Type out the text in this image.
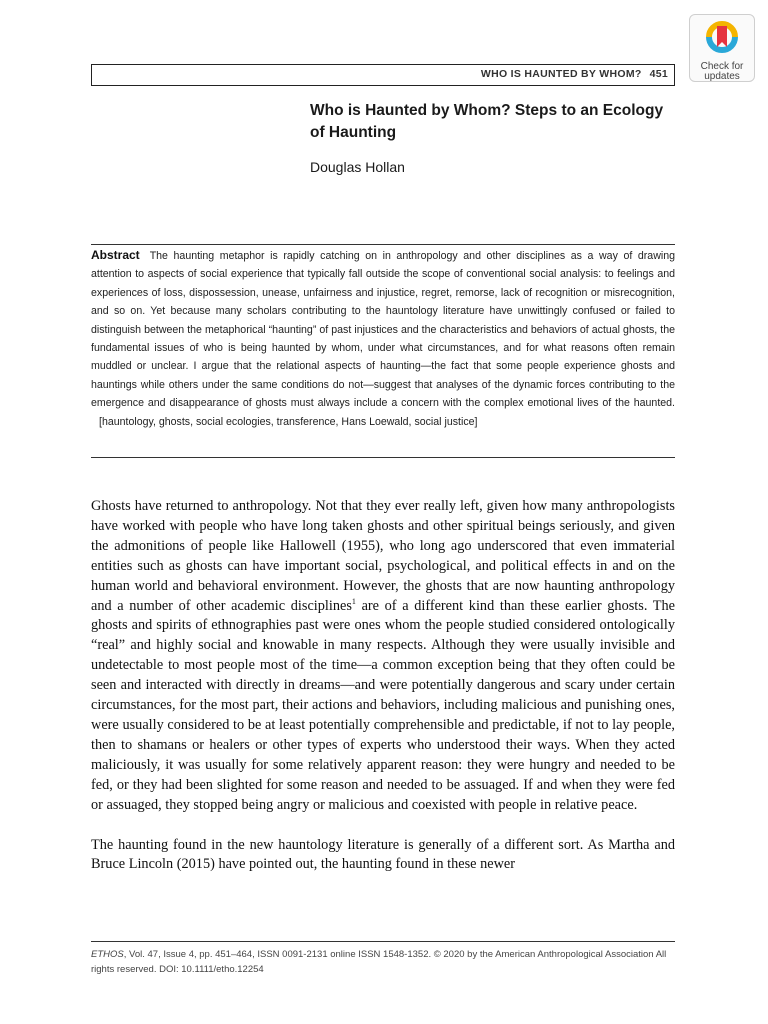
Check for
updates
WHO IS HAUNTED BY WHOM? 451
Who is Haunted by Whom? Steps to an Ecology of Haunting
Douglas Hollan
Abstract The haunting metaphor is rapidly catching on in anthropology and other disciplines as a way of drawing attention to aspects of social experience that typically fall outside the scope of conventional social analysis: to feelings and experiences of loss, dispossession, unease, unfairness and injustice, regret, remorse, lack of recognition or misrecognition, and so on. Yet because many scholars contributing to the hauntology literature have unwittingly confused or failed to distinguish between the metaphorical “haunting” of past injustices and the characteristics and behaviors of actual ghosts, the fundamental issues of who is being haunted by whom, under what circumstances, and for what reasons often remain muddled or unclear. I argue that the relational aspects of haunting—the fact that some people experience ghosts and hauntings while others under the same conditions do not—suggest that analyses of the dynamic forces contributing to the emergence and disappearance of ghosts must always include a concern with the complex emotional lives of the haunted.[hauntology, ghosts, social ecologies, transference, Hans Loewald, social justice]

Ghosts have returned to anthropology. Not that they ever really left, given how many anthropologists have worked with people who have long taken ghosts and other spiritual beings seriously, and given the admonitions of people like Hallowell (1955), who long ago underscored that even immaterial entities such as ghosts can have important social, psychological, and political effects in and on the human world and behavioral environment. However, the ghosts that are now haunting anthropology and a number of other academic disciplines$^1$ are of a different kind than these earlier ghosts. The ghosts and spirits of ethnographies past were ones whom the people studied considered ontologically “real” and highly social and knowable in many respects. Although they were usually invisible and undetectable to most people most of the time—a common exception being that they often could be seen and interacted with directly in dreams—and were potentially dangerous and scary under certain circumstances, for the most part, their actions and behaviors, including malicious and punishing ones, were usually considered to be at least potentially comprehensible and predictable, if not to lay people, then to shamans or healers or other types of experts who understood their ways. When they acted maliciously, it was usually for some relatively apparent reason: they were hungry and needed to be fed, or they had been slighted for some reason and needed to be assuaged. If and when they were fed or assuaged, they stopped being angry or malicious and coexisted with people in relative peace.

The haunting found in the new hauntology literature is generally of a different sort. As Martha and Bruce Lincoln (2015) have pointed out, the haunting found in these newer

ETHOS, Vol. 47, Issue 4, pp. 451–464, ISSN 0091-2131 online ISSN 1548-1352. © 2020 by the American Anthropological Association All rights reserved. DOI: 10.1111/etho.12254
